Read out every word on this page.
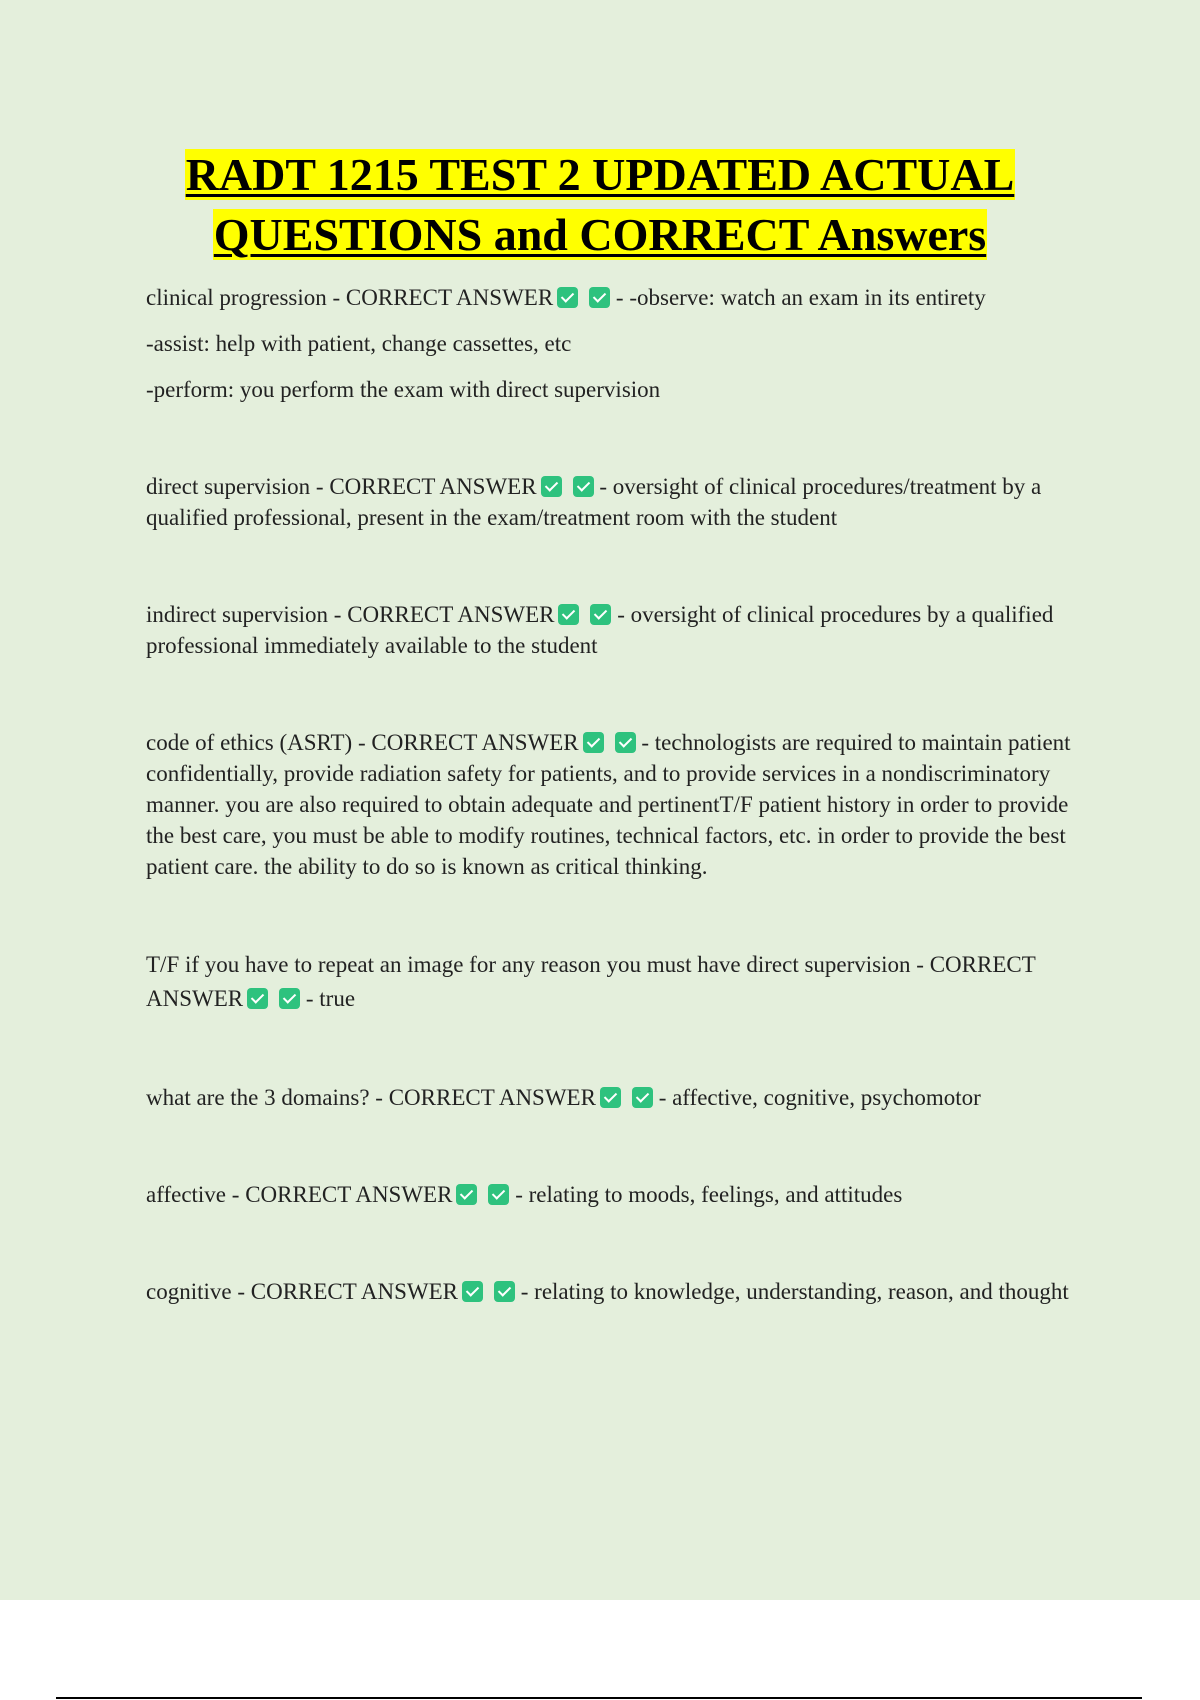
RADT 1215 TEST 2 UPDATED ACTUAL
QUESTIONS and CORRECT Answers

clinical progression - CORRECT ANSWER	- -observe: watch an exam in its entirety

-assist: help with patient, change cassettes, etc

-perform: you perform the exam with direct supervision

direct supervision - CORRECT ANSWER	- oversight of clinical procedures/treatment by a qualified professional, present in the exam/treatment room with the student

indirect supervision - CORRECT ANSWER	- oversight of clinical procedures by a qualified professional immediately available to the student

code of ethics (ASRT) - CORRECT ANSWER	- technologists are required to maintain patient confidentially, provide radiation safety for patients, and to provide services in a nondiscriminatory manner. you are also required to obtain adequate and pertinentT/F patient history in order to provide the best care, you must be able to modify routines, technical factors, etc. in order to provide the best patient care. the ability to do so is known as critical thinking.

T/F if you have to repeat an image for any reason you must have direct supervision - CORRECT ANSWER	- true

what are the 3 domains? - CORRECT ANSWER	- affective, cognitive, psychomotor

affective - CORRECT ANSWER	- relating to moods, feelings, and attitudes

cognitive - CORRECT ANSWER	- relating to knowledge, understanding, reason, and thought
